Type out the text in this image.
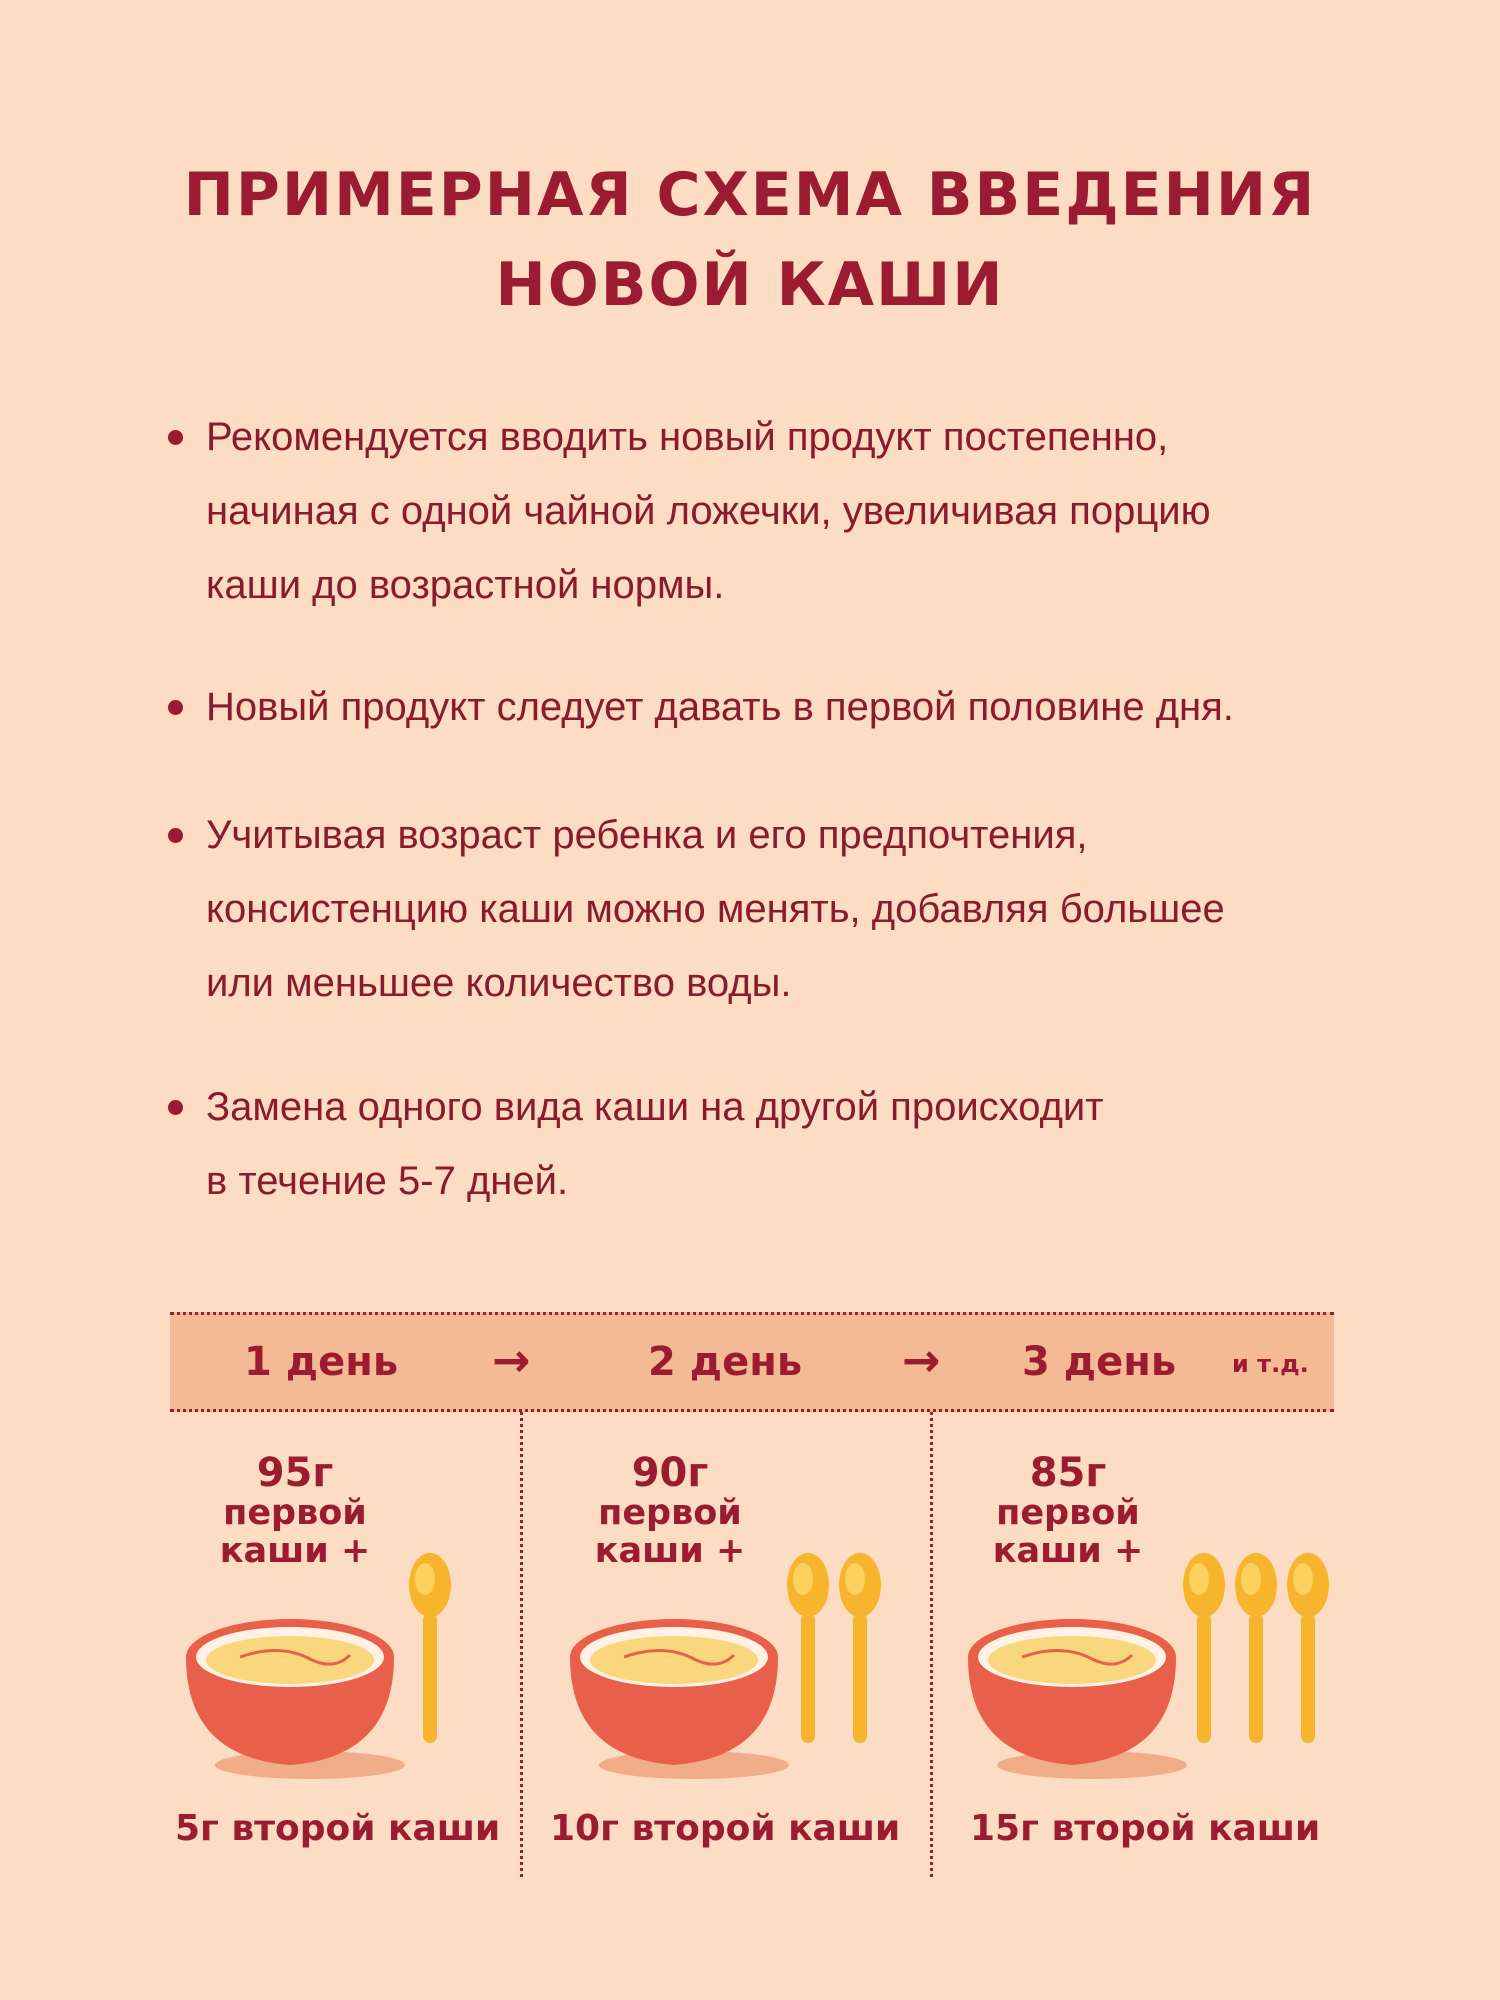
ПРИМЕРНАЯ СХЕМА ВВЕДЕНИЯ
НОВОЙ КАШИ
Рекомендуется вводить новый продукт постепенно,
начиная с одной чайной ложечки, увеличивая порцию
каши до возрастной нормы.
Новый продукт следует давать в первой половине дня.
Учитывая возраст ребенка и его предпочтения,
консистенцию каши можно менять, добавляя большее
или меньшее количество воды.
Замена одного вида каши на другой происходит
в течение 5-7 дней.
1 день →	2 день → 3 день и т.д.
95г
первой
каши +
5г второй каши
90г
первой
каши +
10г второй каши
85г
первой
каши +
15г второй каши
